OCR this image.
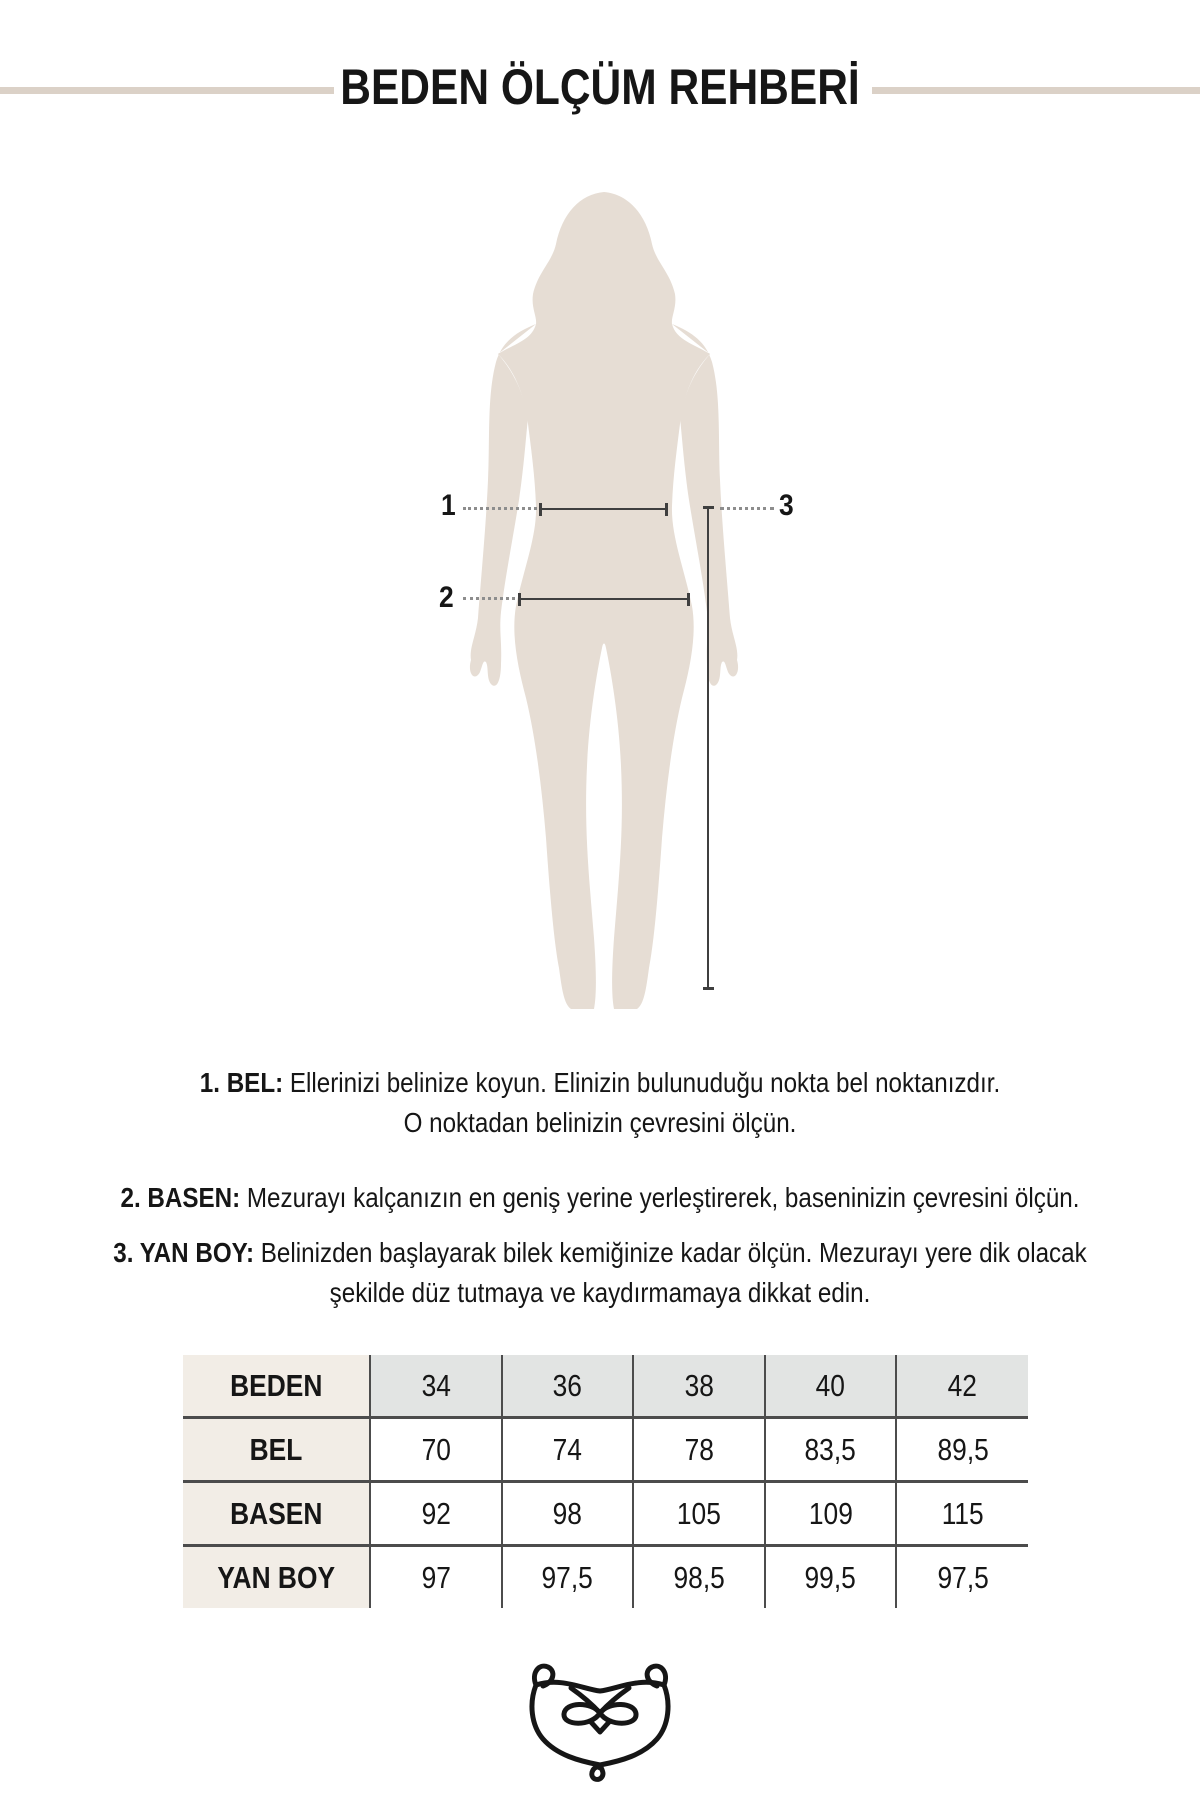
BEDEN ÖLÇÜM REHBERİ
1
2
3

1. BEL: Ellerinizi belinize koyun. Elinizin bulunuduğu nokta bel noktanızdır.
O noktadan belinizin çevresini ölçün.

2. BASEN: Mezurayı kalçanızın en geniş yerine yerleştirerek, baseninizin çevresini ölçün.

3. YAN BOY: Belinizden başlayarak bilek kemiğinize kadar ölçün. Mezurayı yere dik olacak
şekilde düz tutmaya ve kaydırmamaya dikkat edin.

BEDEN	34	36	38	40	42
BEL	70	74	78	83,5	89,5
BASEN	92	98	105	109	115
YAN BOY	97	97,5	98,5	99,5	97,5
